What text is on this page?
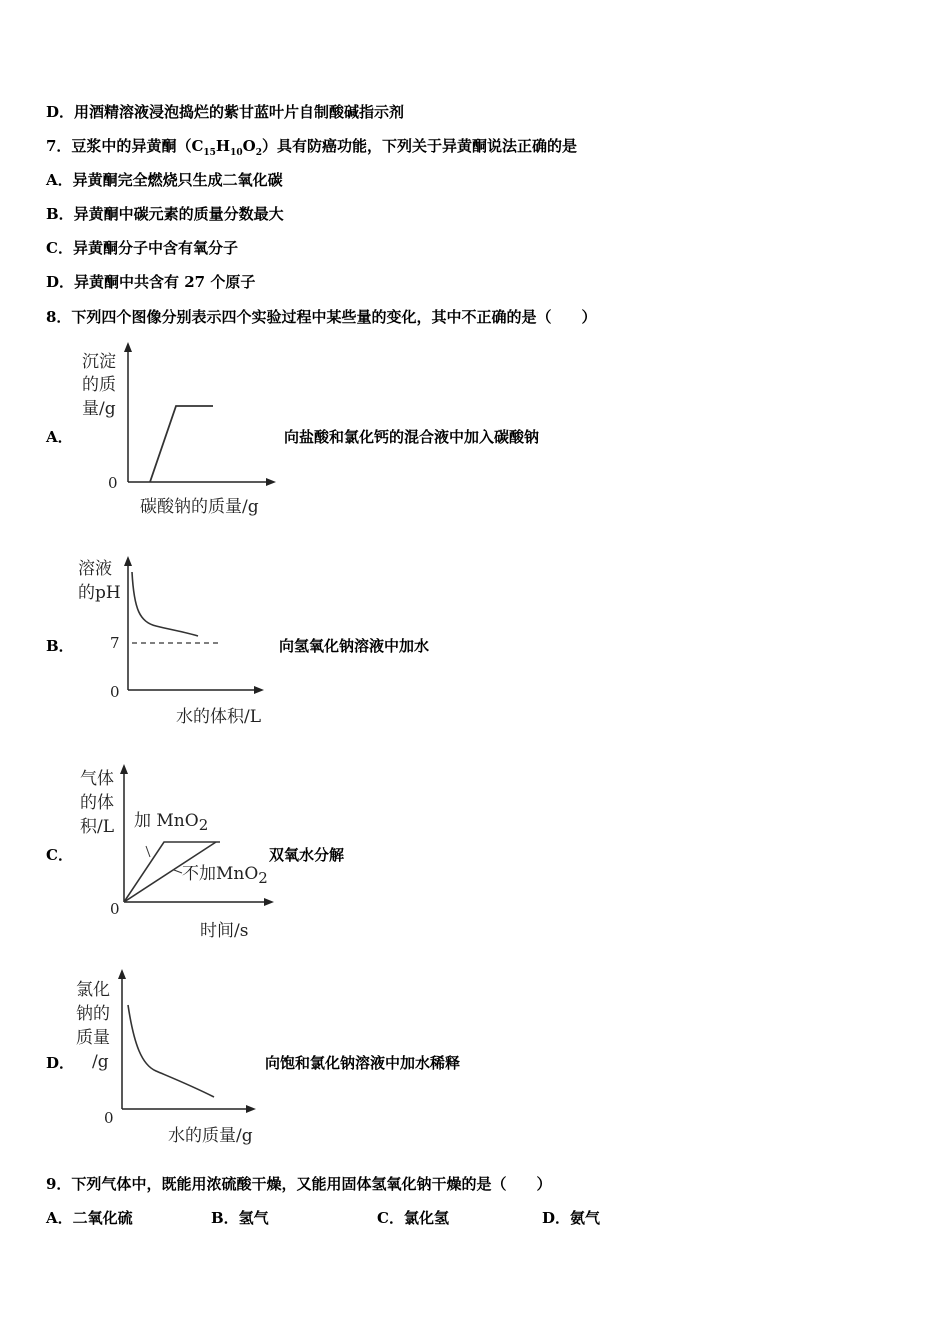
D．用酒精溶液浸泡捣烂的紫甘蓝叶片自制酸碱指示剂
7．豆浆中的异黄酮$(C_{15}H_{10}O_2)$具有防癌功能，下列关于异黄酮说法正确的是
A．异黄酮完全燃烧只生成二氧化碳
B．异黄酮中碳元素的质量分数最大
C．异黄酮分子中含有氧分子
D．异黄酮中共含有 27 个原子
8．下列四个图像分别表示四个实验过程中某些量的变化，其中不正确的是（　　）
A．
沉淀
的质
量/g
0
碳酸钠的质量/g
向盐酸和氯化钙的混合液中加入碳酸钠
B．
溶液
的pH
7
0
水的体积/L
向氢氧化钠溶液中加水
C．
气体
的体
积/L 加 MnO2
不加MnO2
0
时间/s
双氧水分解
D．
氯化
钠的
质量
/g
0
水的质量/g
向饱和氯化钠溶液中加水稀释
9．下列气体中，既能用浓硫酸干燥，又能用固体氢氧化钠干燥的是（　　）
A．二氧化硫	B．氢气	C．氯化氢	D．氨气
